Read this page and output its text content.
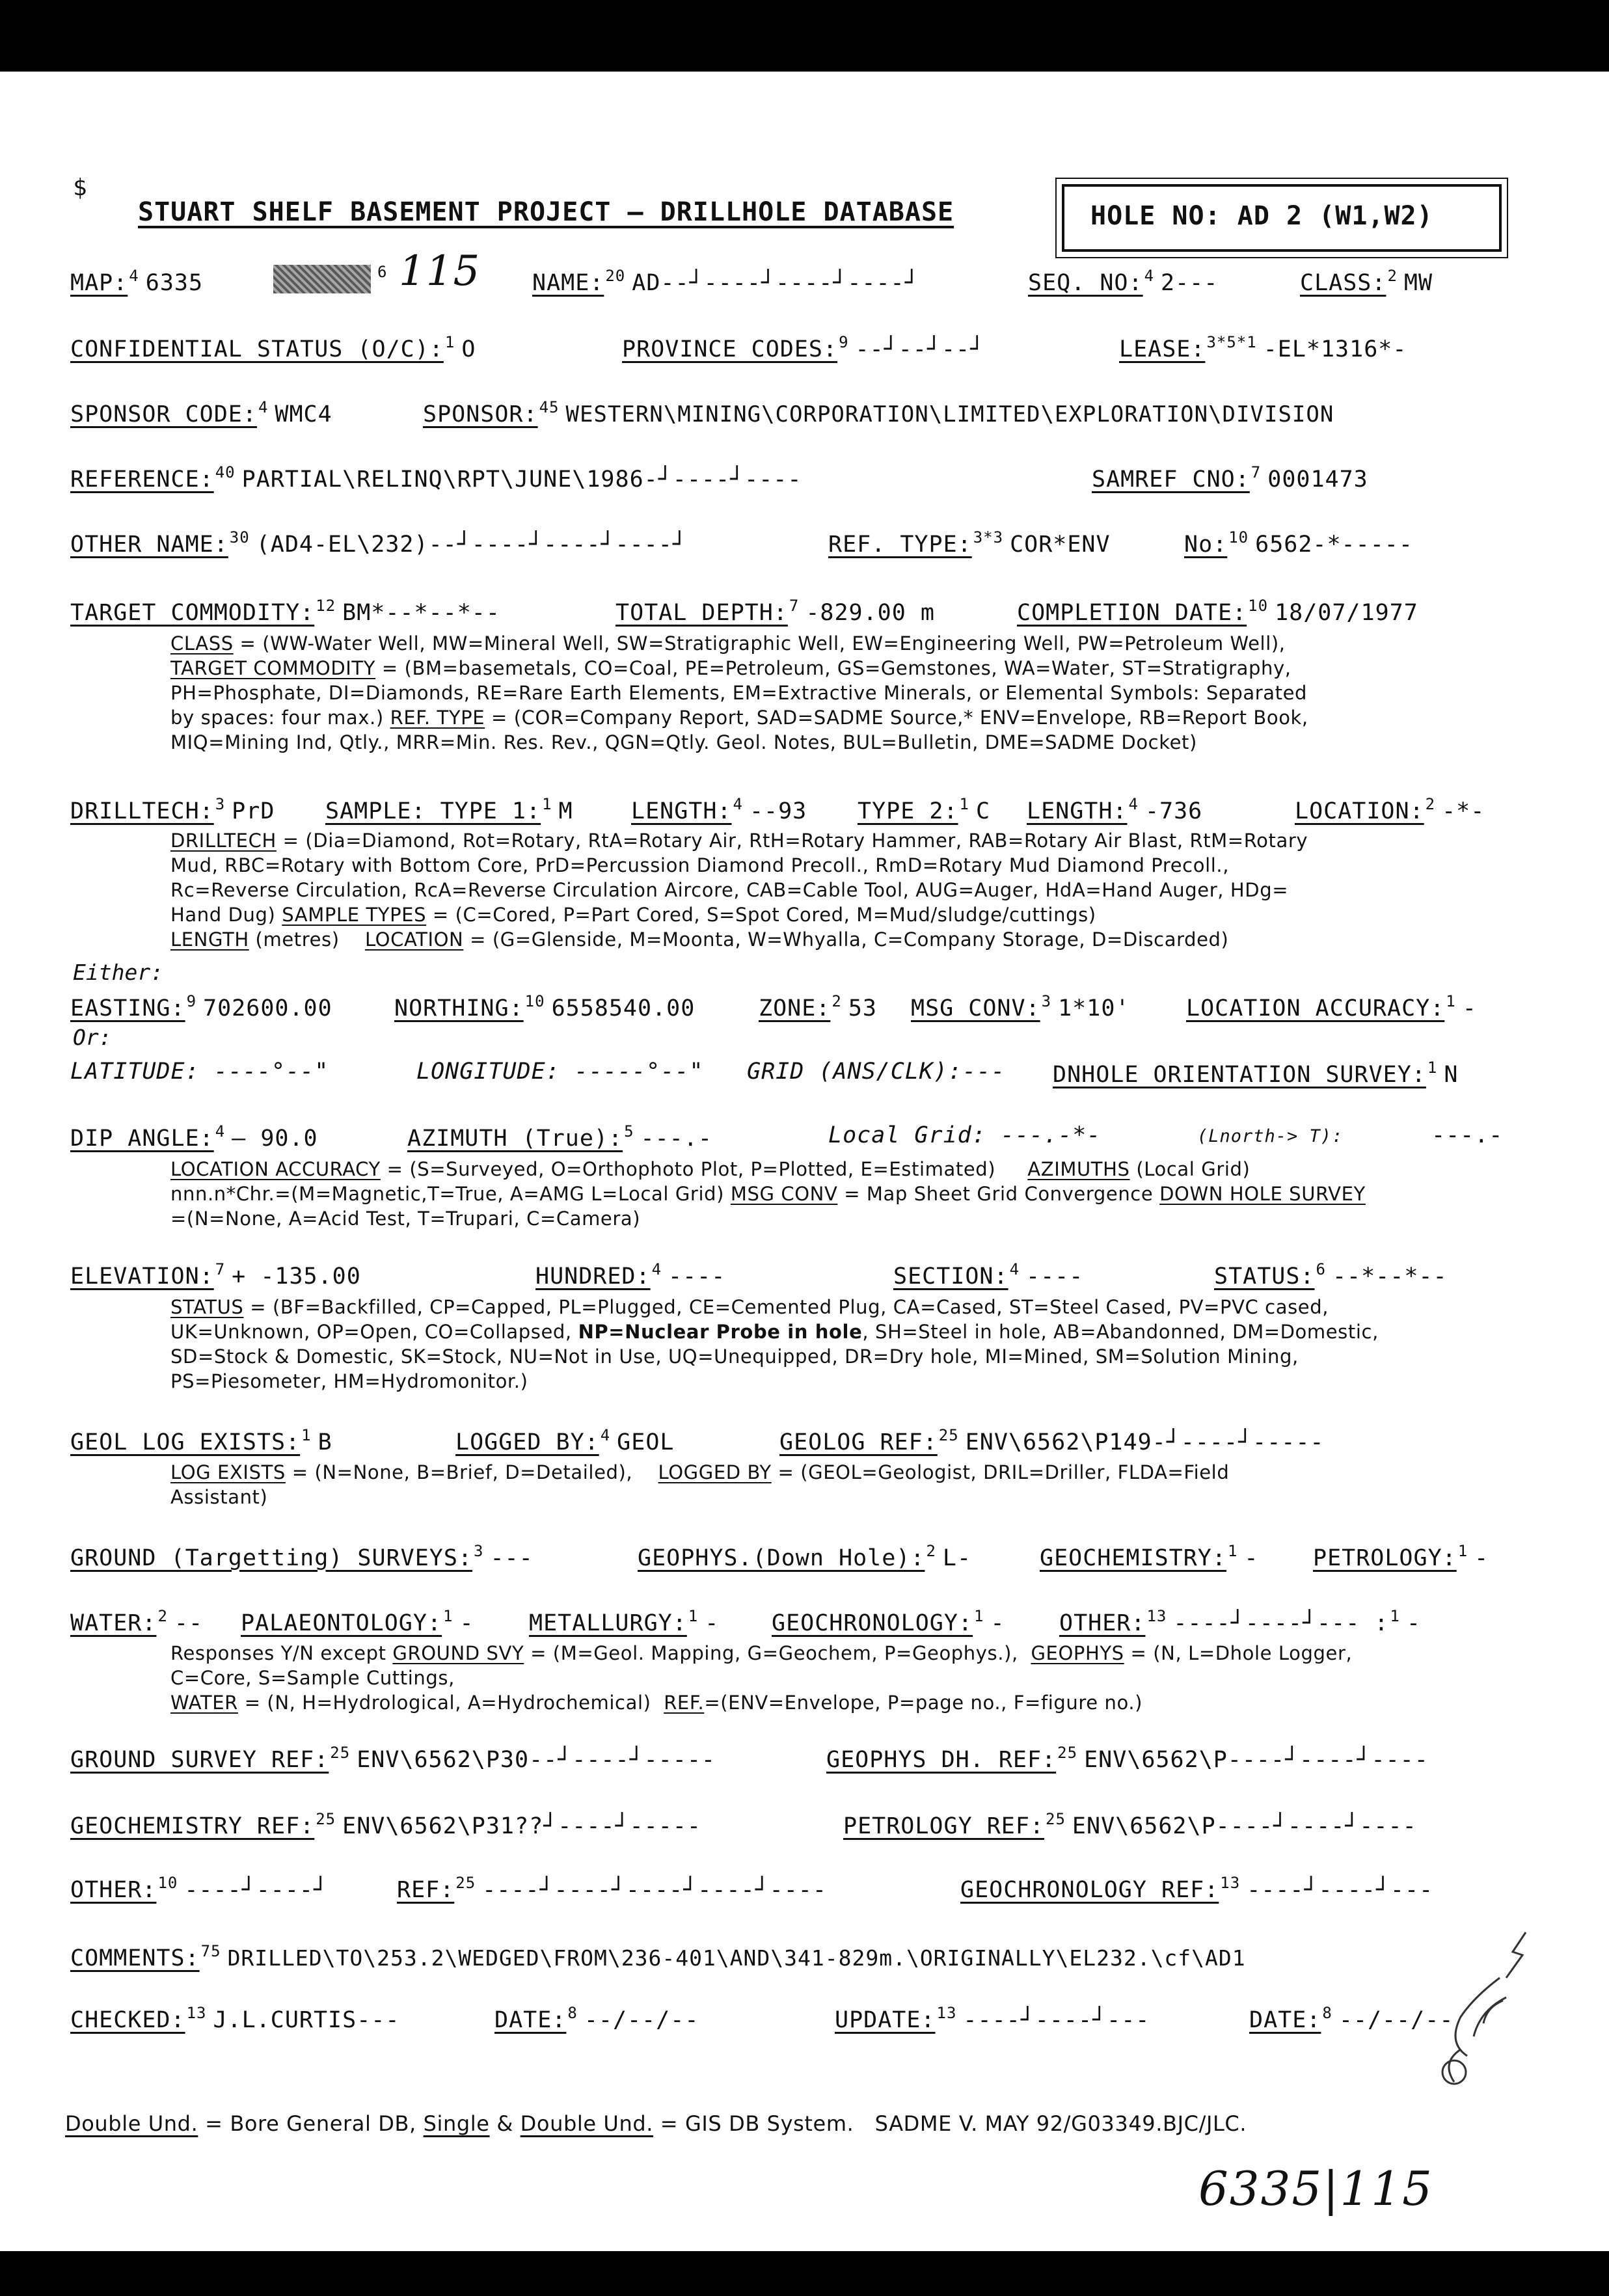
$
STUART SHELF BASEMENT PROJECT — DRILLHOLE DATABASE	HOLE NO: AD 2 (W1,W2)
MAP:$^4$ 6335	$^6$ 115 NAME:$^{20}$ AD--┘----┘----┘----┘	SEQ. NO:$^4$ 2---	CLASS:$^2$ MW
CONFIDENTIAL STATUS (O/C):$^1$ O	PROVINCE CODES:$^9$ --┘--┘--┘	LEASE:$^{3*5*1}$ -EL*1316*-
SPONSOR CODE:$^4$ WMC4	SPONSOR:$^{45}$ WESTERN\MINING\CORPORATION\LIMITED\EXPLORATION\DIVISION
REFERENCE:$^{40}$ PARTIAL\RELINQ\RPT\JUNE\1986-┘----┘----	SAMREF CNO:$^7$ 0001473
OTHER NAME:$^{30}$ (AD4-EL\232)--┘----┘----┘----┘	REF. TYPE:$^{3*3}$ COR*ENV	No:$^{10}$ 6562-*-----
TARGET COMMODITY:$^{12}$ BM*--*--*--	TOTAL DEPTH:$^7$ -829.00 m	COMPLETION DATE:$^{10}$ 18/07/1977
CLASS = (WW-Water Well, MW=Mineral Well, SW=Stratigraphic Well, EW=Engineering Well, PW=Petroleum Well),
TARGET COMMODITY = (BM=basemetals, CO=Coal, PE=Petroleum, GS=Gemstones, WA=Water, ST=Stratigraphy,
PH=Phosphate, DI=Diamonds, RE=Rare Earth Elements, EM=Extractive Minerals, or Elemental Symbols: Separated
by spaces: four max.) REF. TYPE = (COR=Company Report, SAD=SADME Source,* ENV=Envelope, RB=Report Book,
MIQ=Mining Ind, Qtly., MRR=Min. Res. Rev., QGN=Qtly. Geol. Notes, BUL=Bulletin, DME=SADME Docket)
DRILLTECH:$^3$ PrD SAMPLE: TYPE 1:$^1$ M	LENGTH:$^4$ --93 TYPE 2:$^1$ C LENGTH:$^4$ -736	LOCATION:$^2$ -*-
DRILLTECH = (Dia=Diamond, Rot=Rotary, RtA=Rotary Air, RtH=Rotary Hammer, RAB=Rotary Air Blast, RtM=Rotary
Mud, RBC=Rotary with Bottom Core, PrD=Percussion Diamond Precoll., RmD=Rotary Mud Diamond Precoll.,
Rc=Reverse Circulation, RcA=Reverse Circulation Aircore, CAB=Cable Tool, AUG=Auger, HdA=Hand Auger, HDg=
Hand Dug) SAMPLE TYPES = (C=Cored, P=Part Cored, S=Spot Cored, M=Mud/sludge/cuttings)
LENGTH (metres)    LOCATION = (G=Glenside, M=Moonta, W=Whyalla, C=Company Storage, D=Discarded)
Either:
EASTING:$^9$ 702600.00	NORTHING:$^{10}$ 6558540.00	ZONE:$^2$ 53 MSG CONV:$^3$ 1*10' LOCATION ACCURACY:$^1$ -
Or:
LATITUDE: ----°--"	LONGITUDE: -----°--" GRID (ANS/CLK):--- DNHOLE ORIENTATION SURVEY:$^1$ N
DIP ANGLE:$^4$ – 90.0	AZIMUTH (True):$^5$ ---.-	Local Grid: ---.-*-	(Lnorth-> T):	---.-
LOCATION ACCURACY = (S=Surveyed, O=Orthophoto Plot, P=Plotted, E=Estimated)     AZIMUTHS (Local Grid)
nnn.n*Chr.=(M=Magnetic,T=True, A=AMG L=Local Grid) MSG CONV = Map Sheet Grid Convergence DOWN HOLE SURVEY
=(N=None, A=Acid Test, T=Trupari, C=Camera)
ELEVATION:$^7$ + -135.00	HUNDRED:$^4$ ----	SECTION:$^4$ ----	STATUS:$^6$ --*--*--
STATUS = (BF=Backfilled, CP=Capped, PL=Plugged, CE=Cemented Plug, CA=Cased, ST=Steel Cased, PV=PVC cased,
UK=Unknown, OP=Open, CO=Collapsed, NP=Nuclear Probe in hole, SH=Steel in hole, AB=Abandonned, DM=Domestic,
SD=Stock & Domestic, SK=Stock, NU=Not in Use, UQ=Unequipped, DR=Dry hole, MI=Mined, SM=Solution Mining,
PS=Piesometer, HM=Hydromonitor.)
GEOL LOG EXISTS:$^1$ B	LOGGED BY:$^4$ GEOL	GEOLOG REF:$^{25}$ ENV\6562\P149-┘----┘-----
LOG EXISTS = (N=None, B=Brief, D=Detailed),    LOGGED BY = (GEOL=Geologist, DRIL=Driller, FLDA=Field
Assistant)
GROUND (Targetting) SURVEYS:$^3$ ---	GEOPHYS.(Down Hole):$^2$ L-	GEOCHEMISTRY:$^1$ - PETROLOGY:$^1$ -
WATER:$^2$ -- PALAEONTOLOGY:$^1$ - METALLURGY:$^1$ - GEOCHRONOLOGY:$^1$ - OTHER:$^{13}$ ----┘----┘--- :$^1$ -
Responses Y/N except GROUND SVY = (M=Geol. Mapping, G=Geochem, P=Geophys.),  GEOPHYS = (N, L=Dhole Logger,
C=Core, S=Sample Cuttings,
WATER = (N, H=Hydrological, A=Hydrochemical)  REF.=(ENV=Envelope, P=page no., F=figure no.)
GROUND SURVEY REF:$^{25}$ ENV\6562\P30--┘----┘-----	GEOPHYS DH. REF:$^{25}$ ENV\6562\P----┘----┘----
GEOCHEMISTRY REF:$^{25}$ ENV\6562\P31??┘----┘-----	PETROLOGY REF:$^{25}$ ENV\6562\P----┘----┘----
OTHER:$^{10}$ ----┘----┘	REF:$^{25}$ ----┘----┘----┘----┘----	GEOCHRONOLOGY REF:$^{13}$ ----┘----┘---
COMMENTS:$^{75}$ DRILLED\TO\253.2\WEDGED\FROM\236-401\AND\341-829m.\ORIGINALLY\EL232.\cf\AD1
CHECKED:$^{13}$ J.L.CURTIS---	DATE:$^8$ --/--/--	UPDATE:$^{13}$ ----┘----┘---	DATE:$^8$ --/--/--
Double Und. = Bore General DB, Single & Double Und. = GIS DB System.   SADME V. MAY 92/G03349.BJC/JLC.
6335|115
